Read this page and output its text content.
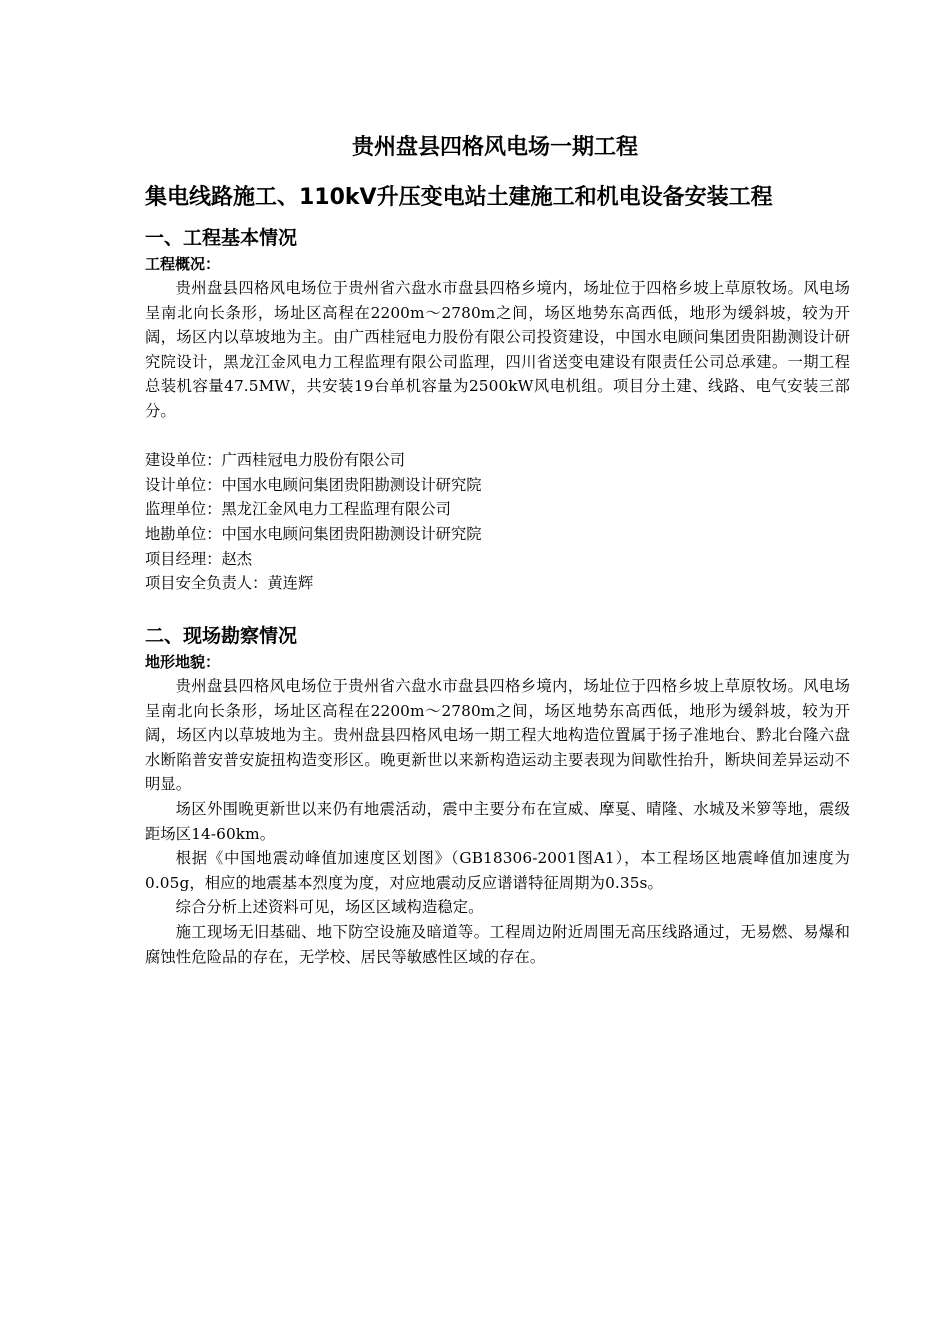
贵州盘县四格风电场一期工程
集电线路施工、110kV升压变电站土建施工和机电设备安装工程
一、工程基本情况
工程概况：

贵州盘县四格风电场位于贵州省六盘水市盘县四格乡境内，场址位于四格乡坡上草原牧场。风电场呈南北向长条形，场址区高程在2200m～2780m之间，场区地势东高西低，地形为缓斜坡，较为开阔，场区内以草坡地为主。由广西桂冠电力股份有限公司投资建设，中国水电顾问集团贵阳勘测设计研究院设计，黑龙江金风电力工程监理有限公司监理，四川省送变电建设有限责任公司总承建。一期工程总装机容量47.5MW，共安装19台单机容量为2500kW风电机组。项目分土建、线路、电气安装三部分。

建设单位：广西桂冠电力股份有限公司

设计单位：中国水电顾问集团贵阳勘测设计研究院

监理单位：黑龙江金风电力工程监理有限公司

地勘单位：中国水电顾问集团贵阳勘测设计研究院

项目经理：赵杰

项目安全负责人：黄连辉

二、现场勘察情况
地形地貌：

贵州盘县四格风电场位于贵州省六盘水市盘县四格乡境内，场址位于四格乡坡上草原牧场。风电场呈南北向长条形，场址区高程在2200m～2780m之间，场区地势东高西低，地形为缓斜坡，较为开阔，场区内以草坡地为主。贵州盘县四格风电场一期工程大地构造位置属于扬子准地台、黔北台隆六盘水断陷普安普安旋扭构造变形区。晚更新世以来新构造运动主要表现为间歇性抬升，断块间差异运动不明显。

场区外围晚更新世以来仍有地震活动，震中主要分布在宣威、摩戛、晴隆、水城及米箩等地，震级距场区14-60km。

根据《中国地震动峰值加速度区划图》（GB18306-2001图A1），本工程场区地震峰值加速度为0.05g，相应的地震基本烈度为度，对应地震动反应谱谱特征周期为0.35s。

综合分析上述资料可见，场区区域构造稳定。

施工现场无旧基础、地下防空设施及暗道等。工程周边附近周围无高压线路通过，无易燃、易爆和腐蚀性危险品的存在，无学校、居民等敏感性区域的存在。
